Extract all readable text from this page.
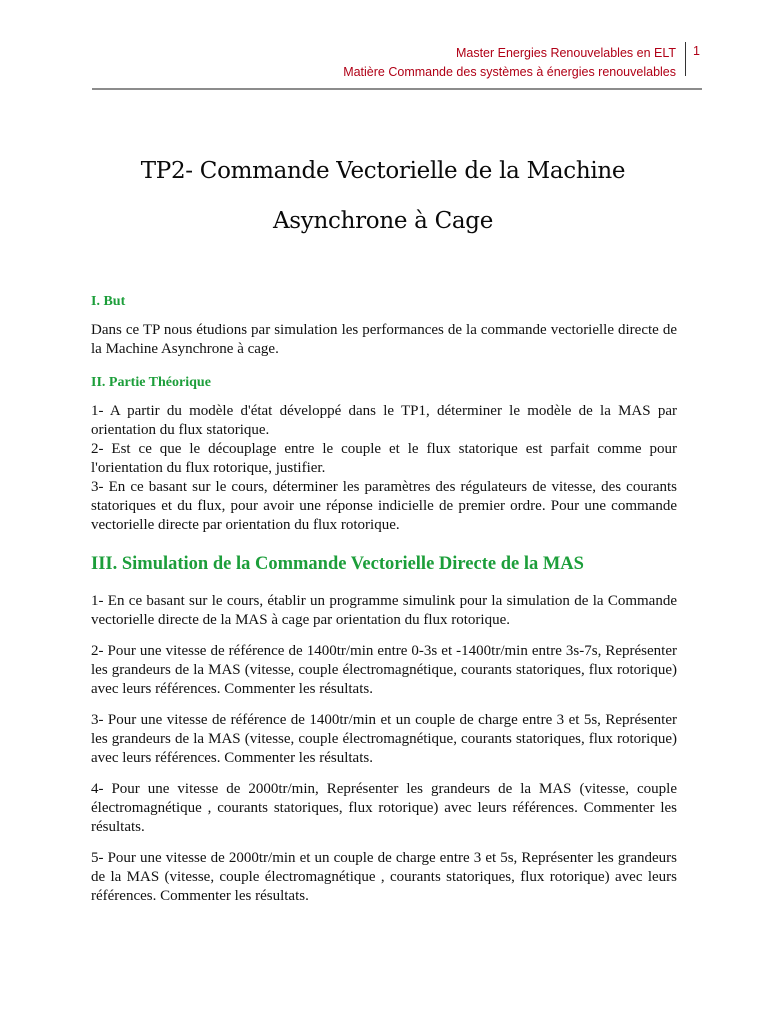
Master Energies Renouvelables en ELT
Matière Commande des systèmes à énergies renouvelables
1
TP2- Commande Vectorielle de la Machine
Asynchrone à Cage
I. But

Dans ce TP nous étudions par simulation les performances de la commande vectorielle directe de la Machine Asynchrone à cage.

II. Partie Théorique

1- A partir du modèle d'état développé dans le TP1, déterminer le modèle de la MAS par orientation du flux statorique.

2- Est ce que le découplage entre le couple et le flux statorique est parfait comme pour l'orientation du flux rotorique, justifier.

3- En ce basant sur le cours, déterminer les paramètres des régulateurs de vitesse, des courants statoriques et du flux, pour avoir une réponse indicielle de premier ordre. Pour une commande vectorielle directe par orientation du flux rotorique.

III. Simulation de la Commande Vectorielle Directe de la MAS

1- En ce basant sur le cours, établir un programme simulink pour la simulation de la Commande vectorielle directe de la MAS à cage par orientation du flux rotorique.

2- Pour une vitesse de référence de 1400tr/min entre 0-3s et -1400tr/min entre 3s-7s, Représenter les grandeurs de la MAS (vitesse, couple électromagnétique, courants statoriques, flux rotorique) avec leurs références. Commenter les résultats.

3- Pour une vitesse de référence de 1400tr/min et un couple de charge entre 3 et 5s, Représenter les grandeurs de la MAS (vitesse, couple électromagnétique, courants statoriques, flux rotorique) avec leurs références. Commenter les résultats.

4- Pour une vitesse de 2000tr/min, Représenter les grandeurs de la MAS (vitesse, couple électromagnétique , courants statoriques, flux rotorique) avec leurs références. Commenter les résultats.

5- Pour une vitesse de 2000tr/min et un couple de charge entre 3 et 5s, Représenter les grandeurs de la MAS (vitesse, couple électromagnétique , courants statoriques, flux rotorique) avec leurs références. Commenter les résultats.
